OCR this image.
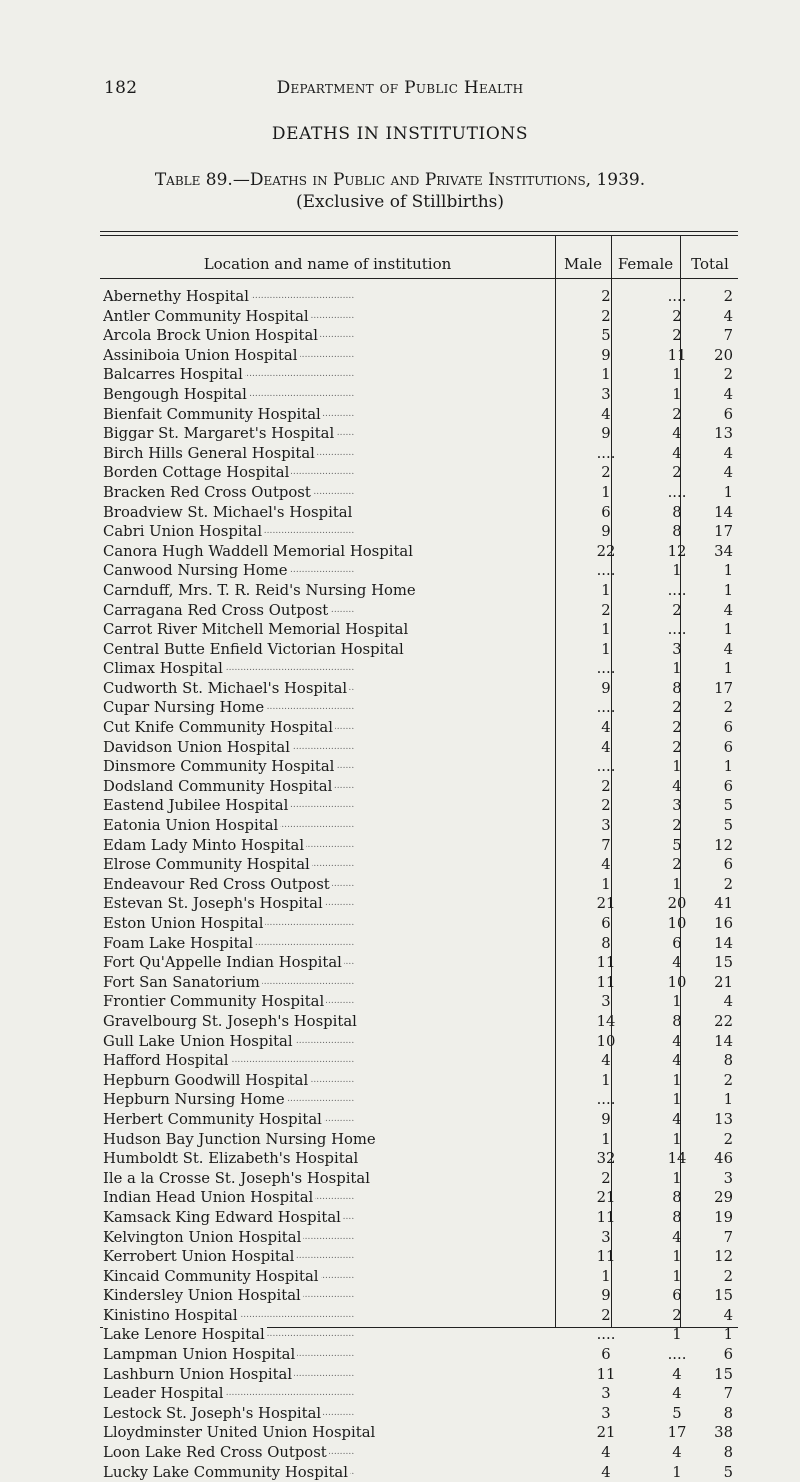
182	Department of Public Health
DEATHS IN INSTITUTIONS
Table 89.—Deaths in Public and Private Institutions, 1939.
(Exclusive of Stillbirths)
Location and name of institution	Male	Female	Total
Abernethy Hospital . . .	2	....	2
Antler Community Hospital . . .	2	2	4
Arcola Brock Union Hospital . . .	5	2	7
Assiniboia Union Hospital . . .	9	11	20
Balcarres Hospital . . .	1	1	2
Bengough Hospital . . .	3	1	4
Bienfait Community Hospital . . .	4	2	6
Biggar St. Margaret's Hospital . . .	9	4	13
Birch Hills General Hospital . . .	....	4	4
Borden Cottage Hospital . . .	2	2	4
Bracken Red Cross Outpost . . .	1	....	1
Broadview St. Michael's Hospital . . .	6	8	14
Cabri Union Hospital . . .	9	8	17
Canora Hugh Waddell Memorial Hospital . . .	22	12	34
Canwood Nursing Home . . .	....	1	1
Carnduff, Mrs. T. R. Reid's Nursing Home . . .	1	....	1
Carragana Red Cross Outpost . . .	2	2	4
Carrot River Mitchell Memorial Hospital . . .	1	....	1
Central Butte Enfield Victorian Hospital . . .	1	3	4
Climax Hospital . . .	....	1	1
Cudworth St. Michael's Hospital . . .	9	8	17
Cupar Nursing Home . . .	....	2	2
Cut Knife Community Hospital . . .	4	2	6
Davidson Union Hospital . . .	4	2	6
Dinsmore Community Hospital . . .	....	1	1
Dodsland Community Hospital . . .	2	4	6
Eastend Jubilee Hospital . . .	2	3	5
Eatonia Union Hospital . . .	3	2	5
Edam Lady Minto Hospital . . .	7	5	12
Elrose Community Hospital . . .	4	2	6
Endeavour Red Cross Outpost . . .	1	1	2
Estevan St. Joseph's Hospital . . .	21	20	41
Eston Union Hospital . . .	6	10	16
Foam Lake Hospital . . .	8	6	14
Fort Qu'Appelle Indian Hospital . . .	11	4	15
Fort San Sanatorium . . .	11	10	21
Frontier Community Hospital . . .	3	1	4
Gravelbourg St. Joseph's Hospital . . .	14	8	22
Gull Lake Union Hospital . . .	10	4	14
Hafford Hospital . . .	4	4	8
Hepburn Goodwill Hospital . . .	1	1	2
Hepburn Nursing Home . . .	....	1	1
Herbert Community Hospital . . .	9	4	13
Hudson Bay Junction Nursing Home . . .	1	1	2
Humboldt St. Elizabeth's Hospital . . .	32	14	46
Ile a la Crosse St. Joseph's Hospital . . .	2	1	3
Indian Head Union Hospital . . .	21	8	29
Kamsack King Edward Hospital . . .	11	8	19
Kelvington Union Hospital . . .	3	4	7
Kerrobert Union Hospital . . .	11	1	12
Kincaid Community Hospital . . .	1	1	2
Kindersley Union Hospital . . .	9	6	15
Kinistino Hospital . . .	2	2	4
Lake Lenore Hospital . . .	....	1	1
Lampman Union Hospital . . .	6	....	6
Lashburn Union Hospital . . .	11	4	15
Leader Hospital . . .	3	4	7
Lestock St. Joseph's Hospital . . .	3	5	8
Lloydminster United Union Hospital . . .	21	17	38
Loon Lake Red Cross Outpost . . .	4	4	8
Lucky Lake Community Hospital . . .	4	1	5
